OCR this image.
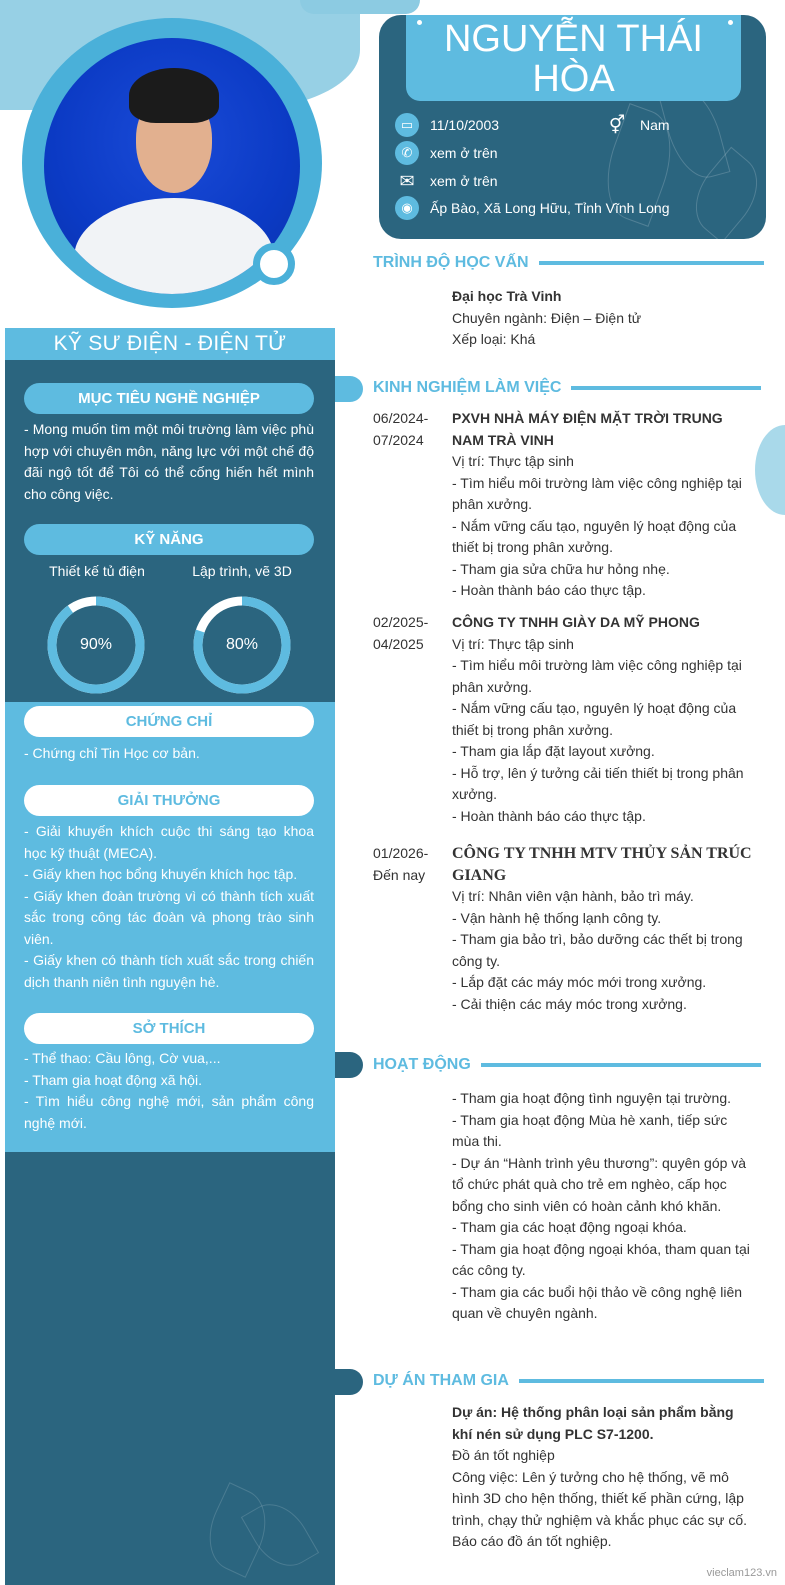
KỸ SƯ ĐIỆN - ĐIỆN TỬ
MỤC TIÊU NGHỀ NGHIỆP
- Mong muốn tìm một môi trường làm việc phù hợp với chuyên môn, năng lực với một chế độ đãi ngộ tốt để Tôi có thể cống hiến hết mình cho công việc.
KỸ NĂNG
Thiết kế tủ điện	Lập trình, vẽ 3D
90%	80%
CHỨNG CHỈ
- Chứng chỉ Tin Học cơ bản.
GIẢI THƯỞNG
- Giải khuyến khích cuộc thi sáng tạo khoa học kỹ thuật (MECA).
- Giấy khen học bổng khuyến khích học tập.
- Giấy khen đoàn trường vì có thành tích xuất sắc trong công tác đoàn và phong trào sinh viên.
- Giấy khen có thành tích xuất sắc trong chiến dịch thanh niên tình nguyện hè.
SỞ THÍCH
- Thể thao: Cầu lông, Cờ vua,...
- Tham gia hoạt động xã hội.
- Tìm hiểu công nghệ mới, sản phẩm công nghệ mới.
NGUYỄN THÁI
HÒA
▭	11/10/2003	⚥ Nam
✆	xem ở trên
✉	xem ở trên
◉	Ấp Bào, Xã Long Hữu, Tỉnh Vĩnh Long
TRÌNH ĐỘ HỌC VẤN
Đại học Trà Vinh
Chuyên ngành: Điện – Điện tử
Xếp loại: Khá
KINH NGHIỆM LÀM VIỆC
06/2024-
07/2024
PXVH NHÀ MÁY ĐIỆN MẶT TRỜI TRUNG NAM TRÀ VINH
Vị trí: Thực tập sinh
- Tìm hiểu môi trường làm việc công nghiệp tại phân xưởng.
- Nắm vững cấu tạo, nguyên lý hoạt động của thiết bị trong phân xưởng.
- Tham gia sửa chữa hư hỏng nhẹ.
- Hoàn thành báo cáo thực tập.
02/2025-
04/2025
CÔNG TY TNHH GIÀY DA MỸ PHONG
Vị trí: Thực tập sinh
- Tìm hiểu môi trường làm việc công nghiệp tại phân xưởng.
- Nắm vững cấu tạo, nguyên lý hoạt động của thiết bị trong phân xưởng.
- Tham gia lắp đặt layout xưởng.
- Hỗ trợ, lên ý tưởng cải tiến thiết bị trong phân xưởng.
- Hoàn thành báo cáo thực tập.
01/2026-
Đến nay
CÔNG TY TNHH MTV THỦY SẢN TRÚC GIANG
Vị trí: Nhân viên vận hành, bảo trì máy.
- Vận hành hệ thống lạnh công ty.
- Tham gia bảo trì, bảo dưỡng các thết bị trong công ty.
- Lắp đặt các máy móc mới trong xưởng.
- Cải thiện các máy móc trong xưởng.
HOẠT ĐỘNG
- Tham gia hoạt động tình nguyện tại trường.
- Tham gia hoạt động Mùa hè xanh, tiếp sức mùa thi.
- Dự án “Hành trình yêu thương”: quyên góp và tổ chức phát quà cho trẻ em nghèo, cấp học bổng cho sinh viên có hoàn cảnh khó khăn.
- Tham gia các hoạt động ngoại khóa.
- Tham gia hoạt động ngoại khóa, tham quan tại các công ty.
- Tham gia các buổi hội thảo về công nghệ liên quan về chuyên ngành.
DỰ ÁN THAM GIA
Dự án: Hệ thống phân loại sản phẩm bằng khí nén sử dụng PLC S7-1200.
Đồ án tốt nghiệp
Công việc: Lên ý tưởng cho hệ thống, vẽ mô hình 3D cho hện thống, thiết kế phần cứng, lập trình, chạy thử nghiệm và khắc phục các sự cố. Báo cáo đồ án tốt nghiệp.
vieclam123.vn
